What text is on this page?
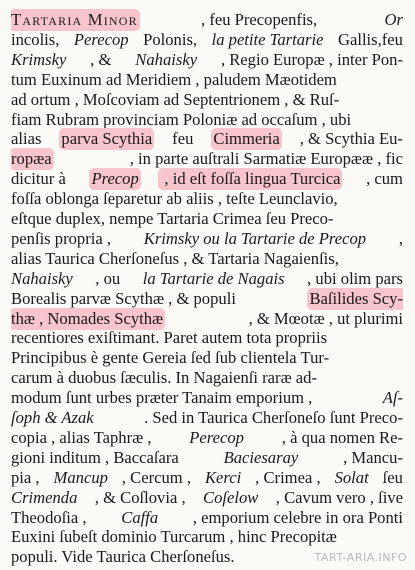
Tartaria Minor	, feu Precopenfis,	Or
incolis, Perecop Polonis, la petite Tartarie Gallis,feu
Krimsky , & Nahaisky , Regio Europæ , inter Pon-
tum Euxinum ad Meridiem , paludem Mæotidem
ad ortum , Moſcoviam ad Septentrionem , & Ruſ-
fiam Rubram provinciam Poloniæ ad occaſum , ubi
alias parva Scythia feu Cimmeria , & Scythia Eu-
ropæa	, in parte auſtrali Sarmatiæ Europææ , fic
dicitur à Precop , id eſt foſſa lingua Turcica , cum
foſſa oblonga ſeparetur ab aliis , teſte Leunclavio,
eſtque duplex, nempe Tartaria Crimea ſeu Preco-
penſis propria , Krimsky ou la Tartarie de Precop ,
alias Taurica Cherſoneſus , & Tartaria Nagaienſis,
Nahaisky , ou la Tartarie de Nagais , ubi olim pars
Borealis parvæ Scythæ , & populi	Baſilides Scy-
thæ , Nomades Scythæ	, & Mœotæ , ut plurimi
recentiores exiſtimant. Paret autem tota propriis
Principibus è gente Gereia ſed ſub clientela Tur-
carum à duobus ſæculis. In Nagaienſi raræ ad-
modum ſunt urbes præter Tanaim emporium ,	Aſ-
ſoph & Azak	. Sed in Taurica Cherſoneſo ſunt Preco-
copia , alias Taphræ , Perecop , à qua nomen Re-
gioni inditum , Baccaſara Baciesaray , Mancu-
pia , Mancup , Cercum , Kerci , Crimea , Solat ſeu
Crimenda , & Coſlovia , Coſelow , Cavum vero , ſive
Theodoſia , Caffa , emporium celebre in ora Ponti
Euxini ſubeſt dominio Turcarum , hinc Precopitæ
populi. Vide Taurica Cherſoneſus.	TART-ARIA.INFO
